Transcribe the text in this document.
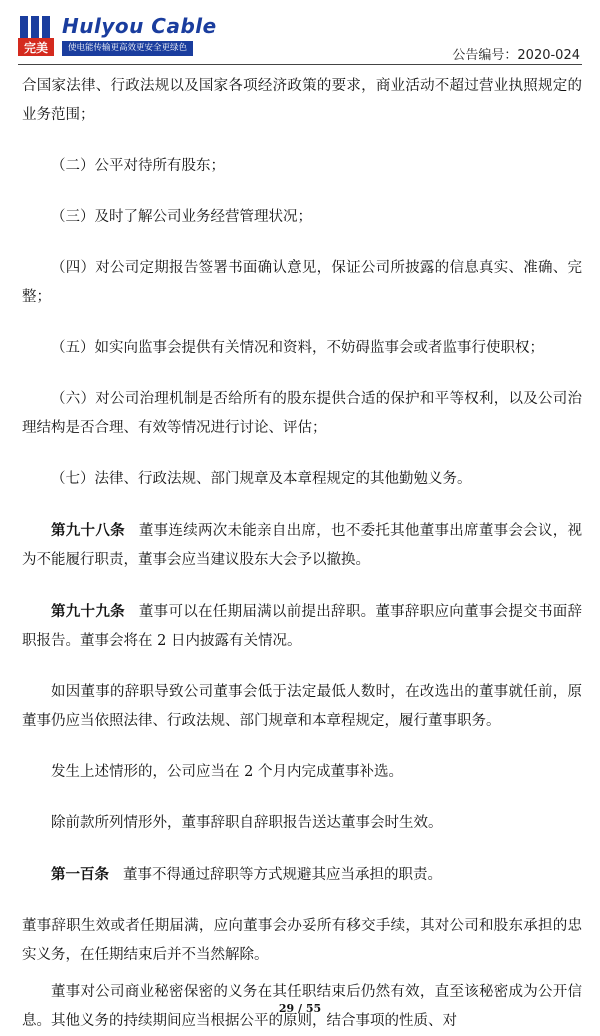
完美
Hulyou Cable
使电能传输更高效更安全更绿色	公告编号：2020-024

合国家法律、行政法规以及国家各项经济政策的要求，商业活动不超过营业执照规定的业务范围；

（二）公平对待所有股东；

（三）及时了解公司业务经营管理状况；

（四）对公司定期报告签署书面确认意见，保证公司所披露的信息真实、准确、完整；

（五）如实向监事会提供有关情况和资料，不妨碍监事会或者监事行使职权；

（六）对公司治理机制是否给所有的股东提供合适的保护和平等权利，以及公司治理结构是否合理、有效等情况进行讨论、评估；

（七）法律、行政法规、部门规章及本章程规定的其他勤勉义务。

第九十八条 董事连续两次未能亲自出席，也不委托其他董事出席董事会会议，视为不能履行职责，董事会应当建议股东大会予以撤换。

第九十九条 董事可以在任期届满以前提出辞职。董事辞职应向董事会提交书面辞职报告。董事会将在 2 日内披露有关情况。

如因董事的辞职导致公司董事会低于法定最低人数时，在改选出的董事就任前，原董事仍应当依照法律、行政法规、部门规章和本章程规定，履行董事职务。

发生上述情形的，公司应当在 2 个月内完成董事补选。

除前款所列情形外，董事辞职自辞职报告送达董事会时生效。

第一百条 董事不得通过辞职等方式规避其应当承担的职责。

董事辞职生效或者任期届满，应向董事会办妥所有移交手续，其对公司和股东承担的忠实义务，在任期结束后并不当然解除。

董事对公司商业秘密保密的义务在其任职结束后仍然有效，直至该秘密成为公开信息。其他义务的持续期间应当根据公平的原则，结合事项的性质、对

29 / 55
